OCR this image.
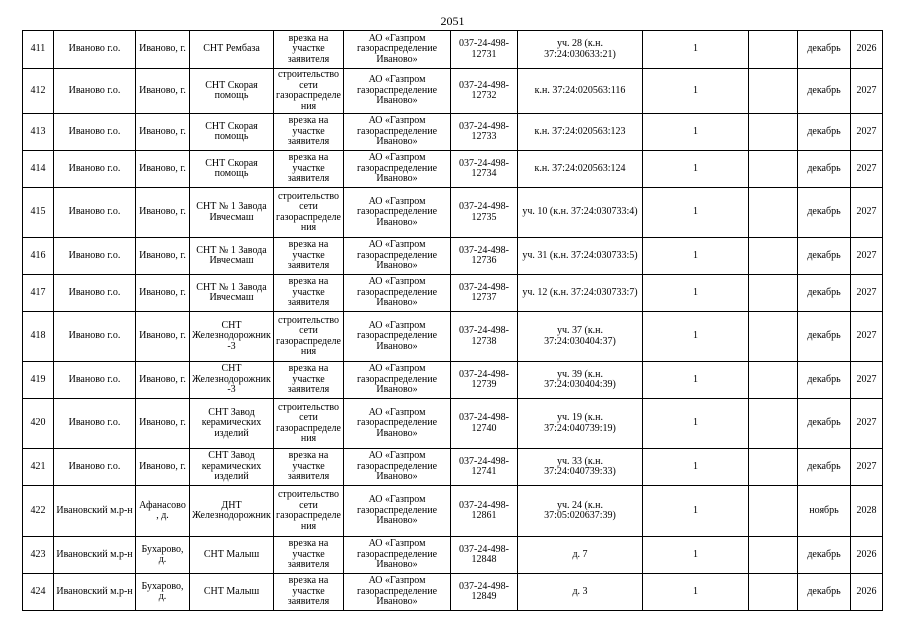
2051
411	Иваново г.о.	Иваново, г.	СНТ Рембаза	врезка на участке заявителя	АО «Газпром газораспределение Иваново»	037-24-498-12731	уч. 28 (к.н. 37:24:030633:21)	1		декабрь	2026
412	Иваново г.о.	Иваново, г.	СНТ Скорая помощь	строительство сети газораспределения	АО «Газпром газораспределение Иваново»	037-24-498-12732	к.н. 37:24:020563:116	1		декабрь	2027
413	Иваново г.о.	Иваново, г.	СНТ Скорая помощь	врезка на участке заявителя	АО «Газпром газораспределение Иваново»	037-24-498-12733	к.н. 37:24:020563:123	1		декабрь	2027
414	Иваново г.о.	Иваново, г.	СНТ Скорая помощь	врезка на участке заявителя	АО «Газпром газораспределение Иваново»	037-24-498-12734	к.н. 37:24:020563:124	1		декабрь	2027
415	Иваново г.о.	Иваново, г.	СНТ № 1 Завода Ивчесмаш	строительство сети газораспределения	АО «Газпром газораспределение Иваново»	037-24-498-12735	уч. 10 (к.н. 37:24:030733:4)	1		декабрь	2027
416	Иваново г.о.	Иваново, г.	СНТ № 1 Завода Ивчесмаш	врезка на участке заявителя	АО «Газпром газораспределение Иваново»	037-24-498-12736	уч. 31 (к.н. 37:24:030733:5)	1		декабрь	2027
417	Иваново г.о.	Иваново, г.	СНТ № 1 Завода Ивчесмаш	врезка на участке заявителя	АО «Газпром газораспределение Иваново»	037-24-498-12737	уч. 12 (к.н. 37:24:030733:7)	1		декабрь	2027
418	Иваново г.о.	Иваново, г.	СНТ Железнодорожник-3	строительство сети газораспределения	АО «Газпром газораспределение Иваново»	037-24-498-12738	уч. 37 (к.н. 37:24:030404:37)	1		декабрь	2027
419	Иваново г.о.	Иваново, г.	СНТ Железнодорожник-3	врезка на участке заявителя	АО «Газпром газораспределение Иваново»	037-24-498-12739	уч. 39 (к.н. 37:24:030404:39)	1		декабрь	2027
420	Иваново г.о.	Иваново, г.	СНТ Завод керамических изделий	строительство сети газораспределения	АО «Газпром газораспределение Иваново»	037-24-498-12740	уч. 19 (к.н. 37:24:040739:19)	1		декабрь	2027
421	Иваново г.о.	Иваново, г.	СНТ Завод керамических изделий	врезка на участке заявителя	АО «Газпром газораспределение Иваново»	037-24-498-12741	уч. 33 (к.н. 37:24:040739:33)	1		декабрь	2027
422	Ивановский м.р-н	Афанасово, д.	ДНТ Железнодорожник	строительство сети газораспределения	АО «Газпром газораспределение Иваново»	037-24-498-12861	уч. 24 (к.н. 37:05:020637:39)	1		ноябрь	2028
423	Ивановский м.р-н	Бухарово, д.	СНТ Малыш	врезка на участке заявителя	АО «Газпром газораспределение Иваново»	037-24-498-12848	д. 7	1		декабрь	2026
424	Ивановский м.р-н	Бухарово, д.	СНТ Малыш	врезка на участке заявителя	АО «Газпром газораспределение Иваново»	037-24-498-12849	д. 3	1		декабрь	2026
